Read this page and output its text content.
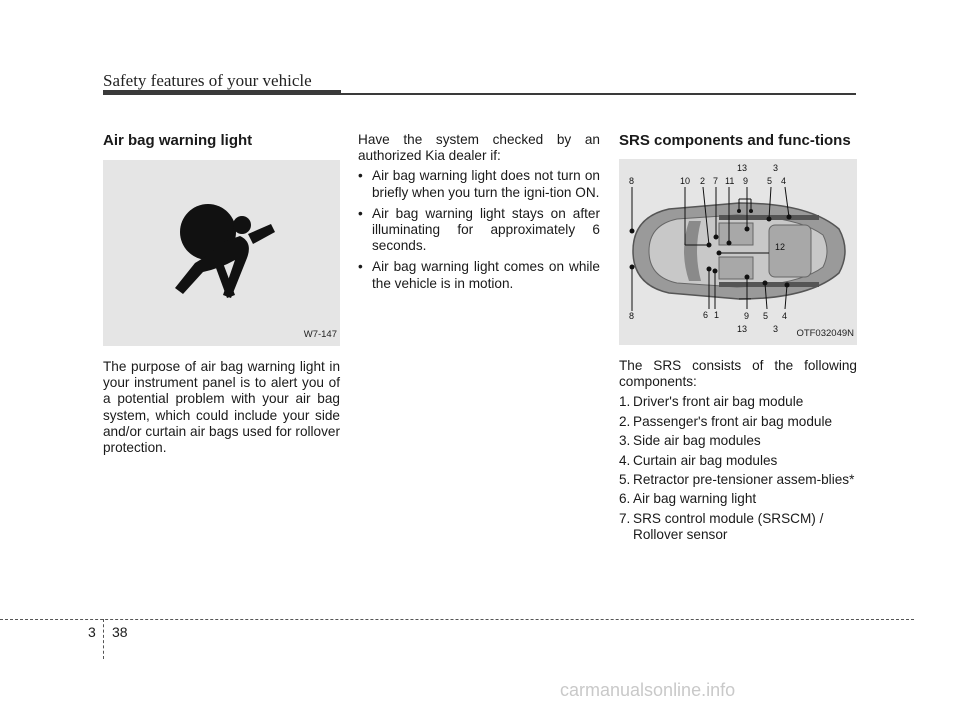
Safety features of your vehicle
Air bag warning light
W7-147

The purpose of air bag warning light in your instrument panel is to alert you of a potential problem with your air bag system, which could include your side and/or curtain air bags used for rollover protection.

Have the system checked by an authorized Kia dealer if:

• Air bag warning light does not turn on briefly when you turn the igni-tion ON.
• Air bag warning light stays on after illuminating for approximately 6 seconds.
• Air bag warning light comes on while the vehicle is in motion.
SRS components and func-tions
8	10 2 7 11
13
9 5
3
4
12
8	6 1	9 5 4
13	3 OTF032049N

The SRS consists of the following components:

1. Driver's front air bag module
2. Passenger's front air bag module
3. Side air bag modules
4. Curtain air bag modules
5. Retractor pre-tensioner assem-blies*
6. Air bag warning light
7. SRS control module (SRSCM) / Rollover sensor
3 38
carmanualsonline.info
